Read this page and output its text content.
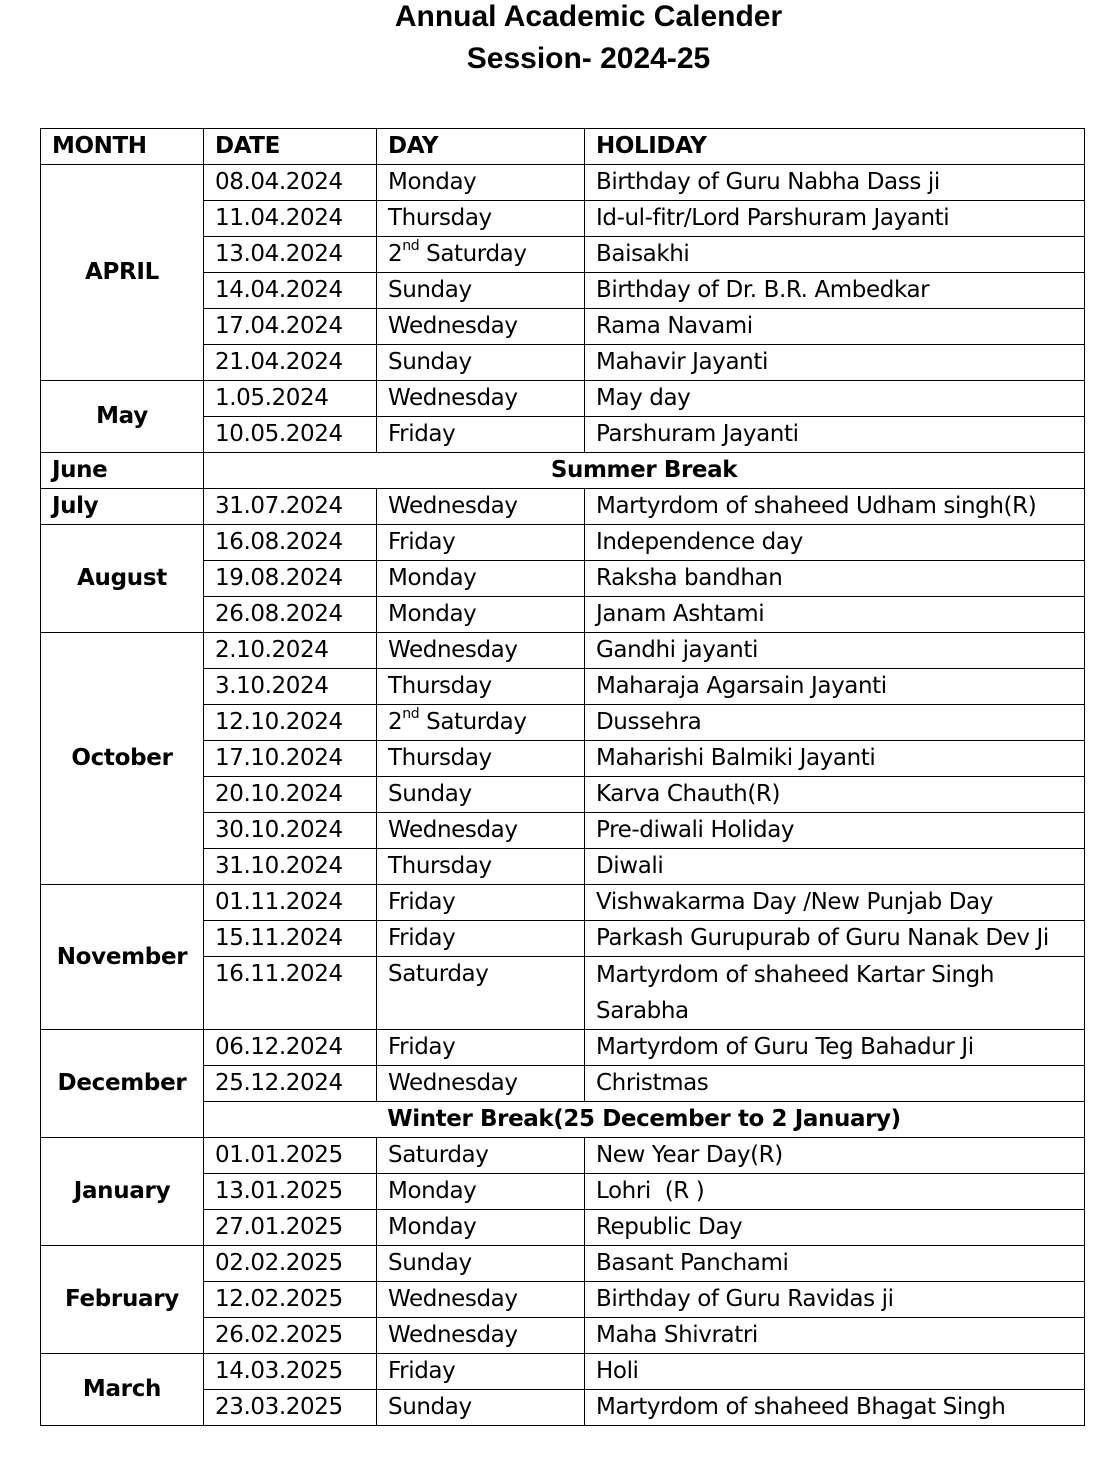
Annual Academic Calender
Session- 2024-25
MONTH	DATE	DAY	HOLIDAY
APRIL	08.04.2024	Monday	Birthday of Guru Nabha Dass ji
	11.04.2024	Thursday	Id-ul-fitr/Lord Parshuram Jayanti
	13.04.2024	2nd Saturday	Baisakhi
	14.04.2024	Sunday	Birthday of Dr. B.R. Ambedkar
	17.04.2024	Wednesday	Rama Navami
	21.04.2024	Sunday	Mahavir Jayanti
May	1.05.2024	Wednesday	May day
	10.05.2024	Friday	Parshuram Jayanti
June	Summer Break		
July	31.07.2024	Wednesday	Martyrdom of shaheed Udham singh(R)
August	16.08.2024	Friday	Independence day
	19.08.2024	Monday	Raksha bandhan
	26.08.2024	Monday	Janam Ashtami
October	2.10.2024	Wednesday	Gandhi jayanti
	3.10.2024	Thursday	Maharaja Agarsain Jayanti
	12.10.2024	2nd Saturday	Dussehra
	17.10.2024	Thursday	Maharishi Balmiki Jayanti
	20.10.2024	Sunday	Karva Chauth(R)
	30.10.2024	Wednesday	Pre-diwali Holiday
	31.10.2024	Thursday	Diwali
November	01.11.2024	Friday	Vishwakarma Day /New Punjab Day
	15.11.2024	Friday	Parkash Gurupurab of Guru Nanak Dev Ji
	16.11.2024	Saturday	Martyrdom of shaheed Kartar Singh Sarabha
December	06.12.2024	Friday	Martyrdom of Guru Teg Bahadur Ji
	25.12.2024	Wednesday	Christmas
	Winter Break(25 December to 2 January)		
January	01.01.2025	Saturday	New Year Day(R)
	13.01.2025	Monday	Lohri  (R )
	27.01.2025	Monday	Republic Day
February	02.02.2025	Sunday	Basant Panchami
	12.02.2025	Wednesday	Birthday of Guru Ravidas ji
	26.02.2025	Wednesday	Maha Shivratri
March	14.03.2025	Friday	Holi
	23.03.2025	Sunday	Martyrdom of shaheed Bhagat Singh
